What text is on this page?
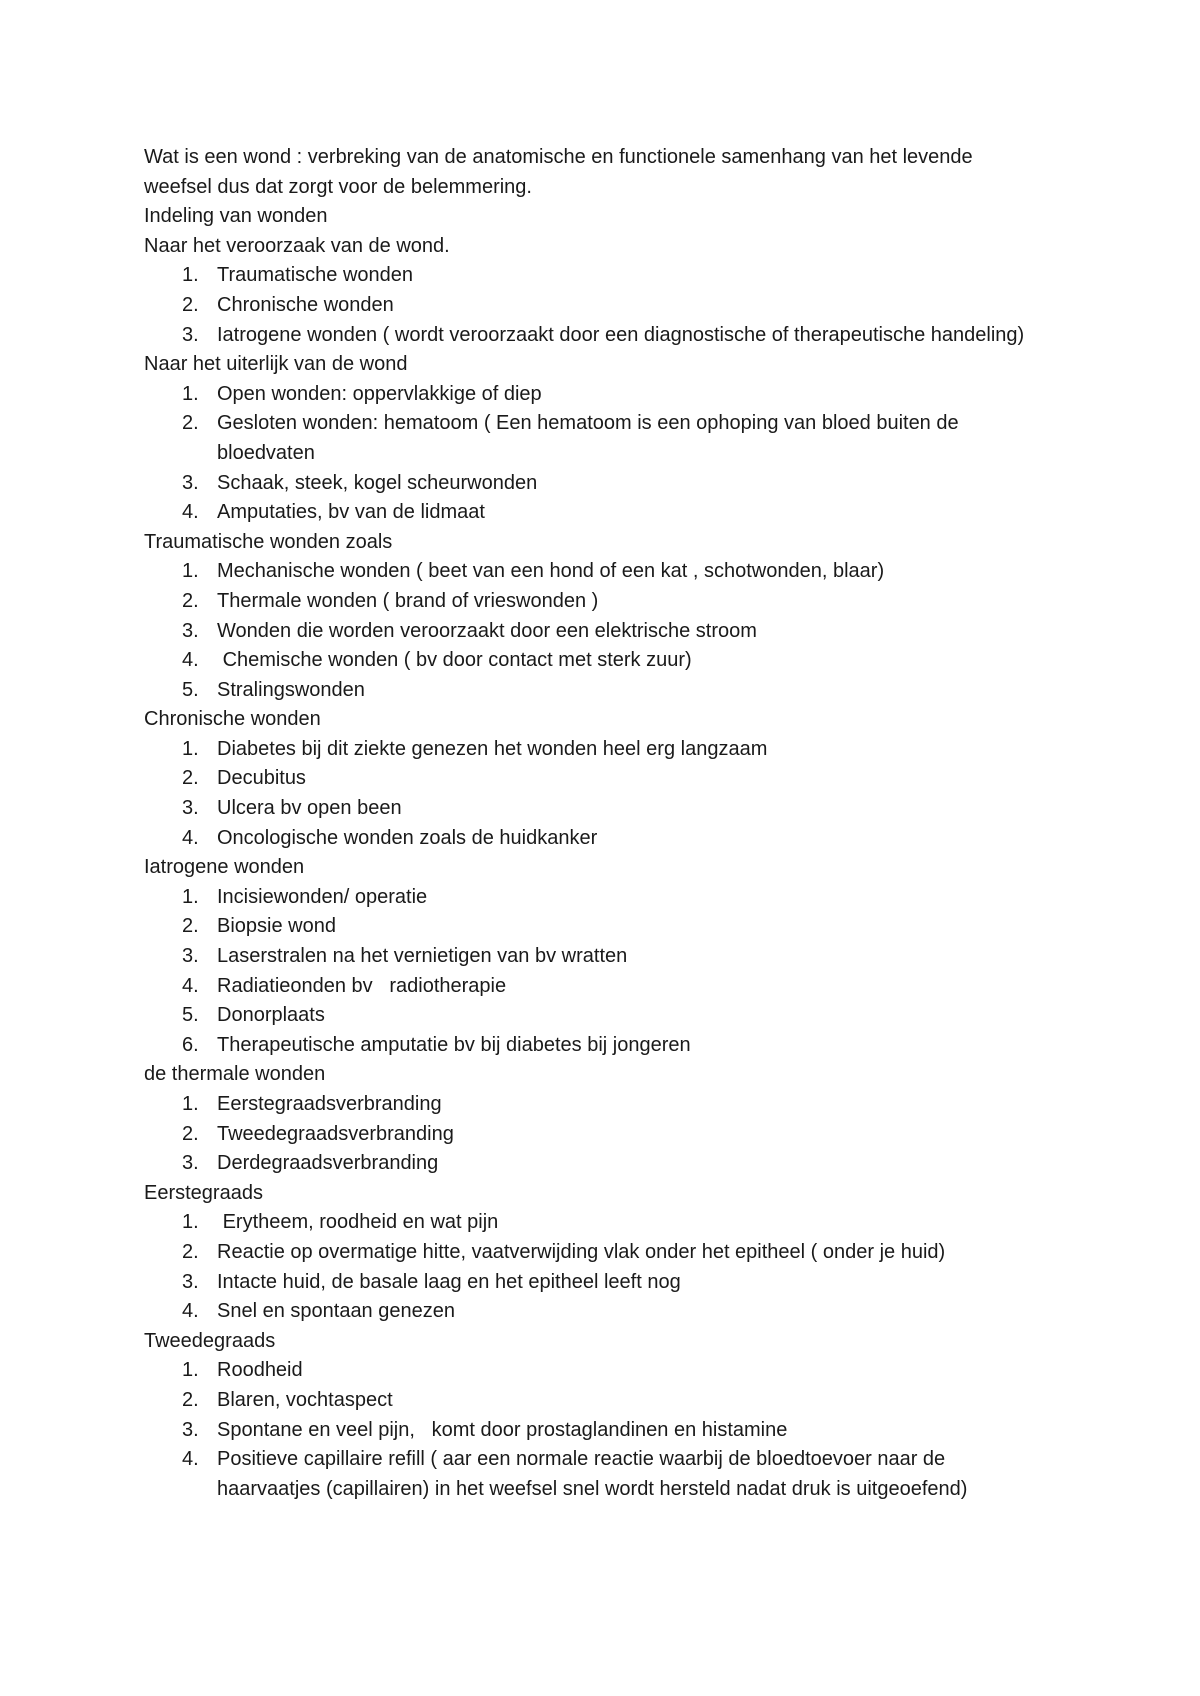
Wat is een wond : verbreking van de anatomische en functionele samenhang van het levende weefsel dus dat zorgt voor de belemmering.

Indeling van wonden

Naar het veroorzaak van de wond.

1. Traumatische wonden
2. Chronische wonden
3. Iatrogene wonden ( wordt veroorzaakt door een diagnostische of therapeutische handeling)

Naar het uiterlijk van de wond

1. Open wonden: oppervlakkige of diep
2. Gesloten wonden: hematoom ( Een hematoom is een ophoping van bloed buiten de bloedvaten
3. Schaak, steek, kogel scheurwonden
4. Amputaties, bv van de lidmaat

Traumatische wonden zoals

1. Mechanische wonden ( beet van een hond of een kat , schotwonden, blaar)
2. Thermale wonden ( brand of vrieswonden )
3. Wonden die worden veroorzaakt door een elektrische stroom
4. Chemische wonden ( bv door contact met sterk zuur)
5. Stralingswonden

Chronische wonden

1. Diabetes bij dit ziekte genezen het wonden heel erg langzaam
2. Decubitus
3. Ulcera bv open been
4. Oncologische wonden zoals de huidkanker

Iatrogene wonden

1. Incisiewonden/ operatie
2. Biopsie wond
3. Laserstralen na het vernietigen van bv wratten
4. Radiatieonden bv   radiotherapie
5. Donorplaats
6. Therapeutische amputatie bv bij diabetes bij jongeren

de thermale wonden

1. Eerstegraadsverbranding
2. Tweedegraadsverbranding
3. Derdegraadsverbranding

Eerstegraads

1. Erytheem, roodheid en wat pijn
2. Reactie op overmatige hitte, vaatverwijding vlak onder het epitheel ( onder je huid)
3. Intacte huid, de basale laag en het epitheel leeft nog
4. Snel en spontaan genezen

Tweedegraads

1. Roodheid
2. Blaren, vochtaspect
3. Spontane en veel pijn,   komt door prostaglandinen en histamine
4. Positieve capillaire refill ( aar een normale reactie waarbij de bloedtoevoer naar de haarvaatjes (capillairen) in het weefsel snel wordt hersteld nadat druk is uitgeoefend)
